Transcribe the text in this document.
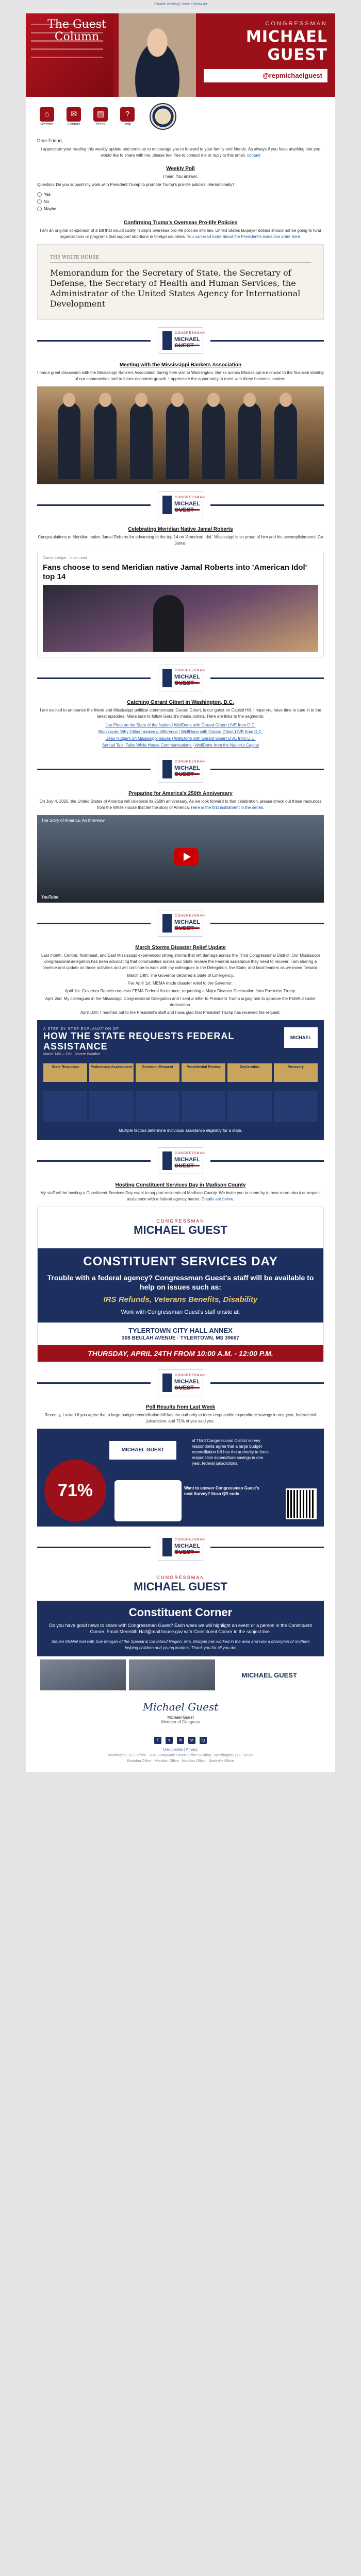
Trouble viewing? View in browser
The Guest
Column
CONGRESSMAN
MICHAEL GUEST
★ @repmichaelguest
⌂
Website
✉
Contact
▤
Press
?
Help

Dear Friend,

I appreciate your reading this weekly update and continue to encourage you to forward to your family and friends. As always if you have anything that you would like to share with me, please feel free to contact me or reply to this email. contact

Weekly Poll
I hear. You answer.
Question: Do you support my work with President Trump to promote Trump's pro-life policies internationally?
Yes
No
Maybe
Confirming Trump's Overseas Pro-life Policies

I am an original co-sponsor of a bill that would codify Trump's overseas pro-life policies into law. United States taxpayer dollars should not be going to fund organizations or programs that support abortions in foreign countries. You can read more about the President's executive order here.

THE WHITE HOUSE
Memorandum for the Secretary of State, the Secretary of Defense, the Secretary of Health and Human Services, the Administrator of the United States Agency for International Development
CONGRESSMAN
MICHAEL
Meeting with the Mississippi Bankers Association

I had a great discussion with the Mississippi Bankers Association during their visit to Washington. Banks across Mississippi are crucial to the financial stability of our communities and to future economic growth. I appreciate the opportunity to meet with these business leaders.

CONGRESSMAN
MICHAEL
Celebrating Meridian Native Jamal Roberts

Congratulations to Meridian native Jamal Roberts for advancing to the top 14 on 'American Idol.' Mississippi is so proud of him and his accomplishments! Go Jamal!

Clarion Ledger · 4 min read
Fans choose to send Meridian native Jamal Roberts into 'American Idol' top 14
CONGRESSMAN
MICHAEL
Catching Gerard Gibert in Washington, D.C.

I am excited to announce the friend and Mississippi political commentator, Gerard Gibert, is our guest on Capitol Hill. I hope you have time to tune in to the latest episodes. Make sure to follow Gerard's media outlets. Here are links to the segments:

Joe Pinto on the State of the Nation | WellDone with Gerard Gibert LIVE from D.C.

Blog Louie: Why Gilbert makes a difference | WellDone with Gerard Gibert LIVE from D.C.

Dean Nutgam on Mississippi Issues | WellDone with Gerard Gibert LIVE from D.C.

Annual Talk: Talks While House Communications | WellDone from the Nation's Capital

CONGRESSMAN
MICHAEL
Preparing for America's 250th Anniversary

On July 4, 2026, the United States of America will celebrate its 250th anniversary. As we look forward to that celebration, please check out these resources from the White House that tell the story of America. Here is the first installment in the series.

The Story of America: An Interview
YouTube
CONGRESSMAN
MICHAEL
March Storms Disaster Relief Update

Last month, Central, Northeast, and East Mississippi experienced strong storms that left damage across the Third Congressional District. Our Mississippi congressional delegation has been advocating that communities across our State receive the Federal assistance they need to recover. I am sharing a timeline and update on those activities and will continue to work with my colleagues in the Delegation, the State, and local leaders as we move forward.

March 14th: The Governor declared a State of Emergency.

Far April 1st: MEMA made disaster relief to the Governor.

April 1st: Governor Reeves requests FEMA Federal Assistance, requesting a Major Disaster Declaration from President Trump.

April 2nd: My colleagues in the Mississippi Congressional Delegation and I sent a letter to President Trump urging him to approve the FEMA disaster declaration.

April 10th: I reached out to the President's staff and I was glad that President Trump has received the request.

A STEP BY STEP EXPLANATION OF
HOW THE STATE REQUESTS FEDERAL ASSISTANCE
March 14th – 15th, Severe Weather
MICHAEL GUEST
State Response	Preliminary Assessment	Governor Request	Presidential Review	Declaration	Recovery
Multiple factors determine individual assistance eligibility for a state.
CONGRESSMAN
MICHAEL
Hosting Constituent Services Day in Madison County

My staff will be hosting a Constituent Services Day event to support residents of Madison County. We invite you to come by to hear more about or request assistance with a federal agency matter. Details are below.

CONGRESSMAN
MICHAEL GUEST
CONSTITUENT SERVICES DAY
Trouble with a federal agency? Congressman Guest's staff will be available to help on issues such as:
IRS Refunds, Veterans Benefits, Disability
Work with Congressman Guest's staff onsite at:
TYLERTOWN CITY HALL ANNEX
308 BEULAH AVENUE · TYLERTOWN, MS 39667
THURSDAY, APRIL 24TH FROM 10:00 A.M. - 12:00 P.M.
CONGRESSMAN
MICHAEL
Poll Results from Last Week

Recently, I asked if you agree that a large budget reconciliation bill has the authority to force responsible expenditure savings in one year, federal civil jurisdiction, and 71% of you said yes.

71%
MICHAEL GUEST
of Third Congressional District survey respondents agree that a large budget reconciliation bill has the authority to force responsible expenditure savings in one year, federal jurisdictions.
Want to answer Congressman Guest's next Survey? Scan QR code
CONGRESSMAN
MICHAEL
CONGRESSMAN
MICHAEL GUEST
Constituent Corner
Do you have good news to share with Congressman Guest? Each week we will highlight an event or a person in the Constituent Corner. Email Meredith.Hall@mail.house.gov with Constituent Corner in the subject line.
Steven McNeil met with Sue Morgan of the Special & Cleveland Region. Mrs. Morgan has worked in the area and was a champion of mothers helping children and young leaders. Thank you for all you do!
MICHAEL GUEST
Michael Guest
Michael Guest
Member of Congress
f	x	in	yt	ig
Unsubscribe | Privacy
Washington, D.C. Office · 1843 Longworth House Office Building · Washington, D.C. 20515
Brandon Office · Meridian Office · Natchez Office · Starkville Office
